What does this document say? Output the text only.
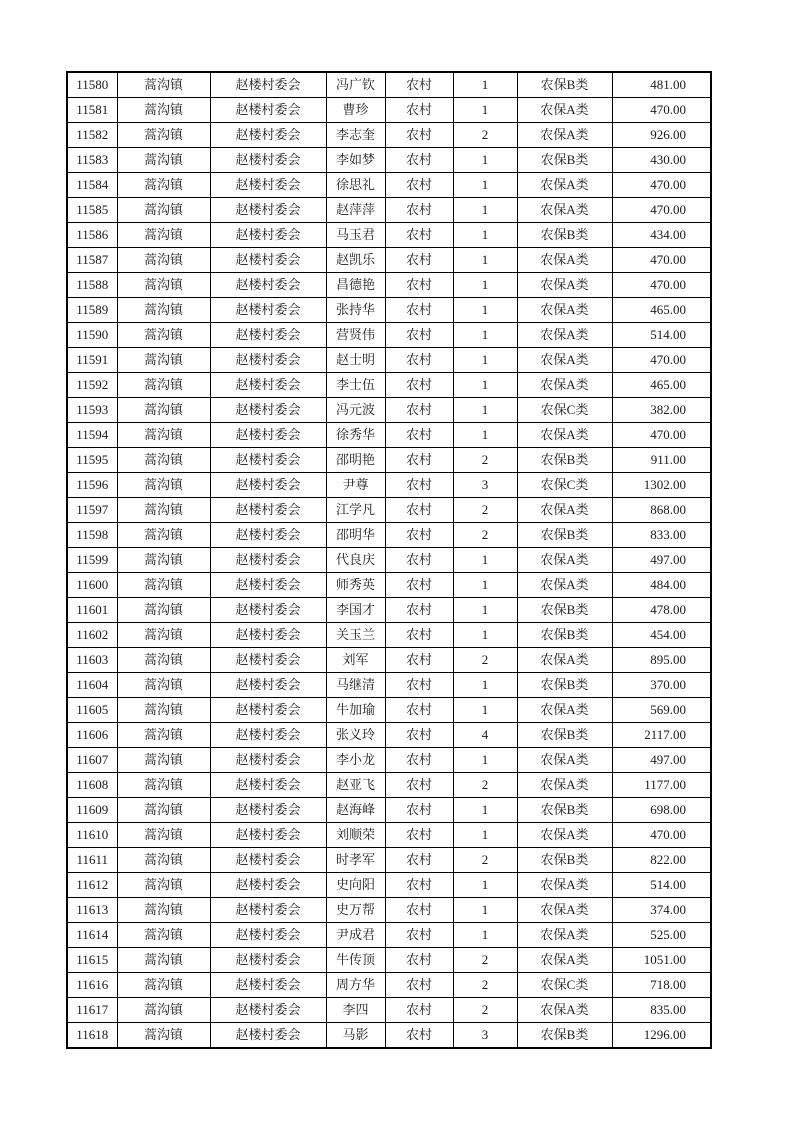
11580	蒿沟镇	赵楼村委会	冯广钦	农村	1	农保B类	481.00
11581	蒿沟镇	赵楼村委会	曹珍	农村	1	农保A类	470.00
11582	蒿沟镇	赵楼村委会	李志奎	农村	2	农保A类	926.00
11583	蒿沟镇	赵楼村委会	李如梦	农村	1	农保B类	430.00
11584	蒿沟镇	赵楼村委会	徐思礼	农村	1	农保A类	470.00
11585	蒿沟镇	赵楼村委会	赵萍萍	农村	1	农保A类	470.00
11586	蒿沟镇	赵楼村委会	马玉君	农村	1	农保B类	434.00
11587	蒿沟镇	赵楼村委会	赵凯乐	农村	1	农保A类	470.00
11588	蒿沟镇	赵楼村委会	昌德艳	农村	1	农保A类	470.00
11589	蒿沟镇	赵楼村委会	张持华	农村	1	农保A类	465.00
11590	蒿沟镇	赵楼村委会	营贤伟	农村	1	农保A类	514.00
11591	蒿沟镇	赵楼村委会	赵士明	农村	1	农保A类	470.00
11592	蒿沟镇	赵楼村委会	李士伍	农村	1	农保A类	465.00
11593	蒿沟镇	赵楼村委会	冯元波	农村	1	农保C类	382.00
11594	蒿沟镇	赵楼村委会	徐秀华	农村	1	农保A类	470.00
11595	蒿沟镇	赵楼村委会	邵明艳	农村	2	农保B类	911.00
11596	蒿沟镇	赵楼村委会	尹尊	农村	3	农保C类	1302.00
11597	蒿沟镇	赵楼村委会	江学凡	农村	2	农保A类	868.00
11598	蒿沟镇	赵楼村委会	邵明华	农村	2	农保B类	833.00
11599	蒿沟镇	赵楼村委会	代良庆	农村	1	农保A类	497.00
11600	蒿沟镇	赵楼村委会	师秀英	农村	1	农保A类	484.00
11601	蒿沟镇	赵楼村委会	李国才	农村	1	农保B类	478.00
11602	蒿沟镇	赵楼村委会	关玉兰	农村	1	农保B类	454.00
11603	蒿沟镇	赵楼村委会	刘军	农村	2	农保A类	895.00
11604	蒿沟镇	赵楼村委会	马继清	农村	1	农保B类	370.00
11605	蒿沟镇	赵楼村委会	牛加瑜	农村	1	农保A类	569.00
11606	蒿沟镇	赵楼村委会	张义玲	农村	4	农保B类	2117.00
11607	蒿沟镇	赵楼村委会	李小龙	农村	1	农保A类	497.00
11608	蒿沟镇	赵楼村委会	赵亚飞	农村	2	农保A类	1177.00
11609	蒿沟镇	赵楼村委会	赵海峰	农村	1	农保B类	698.00
11610	蒿沟镇	赵楼村委会	刘顺荣	农村	1	农保A类	470.00
11611	蒿沟镇	赵楼村委会	时孝军	农村	2	农保B类	822.00
11612	蒿沟镇	赵楼村委会	史向阳	农村	1	农保A类	514.00
11613	蒿沟镇	赵楼村委会	史万帮	农村	1	农保A类	374.00
11614	蒿沟镇	赵楼村委会	尹成君	农村	1	农保A类	525.00
11615	蒿沟镇	赵楼村委会	牛传顶	农村	2	农保A类	1051.00
11616	蒿沟镇	赵楼村委会	周方华	农村	2	农保C类	718.00
11617	蒿沟镇	赵楼村委会	李四	农村	2	农保A类	835.00
11618	蒿沟镇	赵楼村委会	马影	农村	3	农保B类	1296.00
